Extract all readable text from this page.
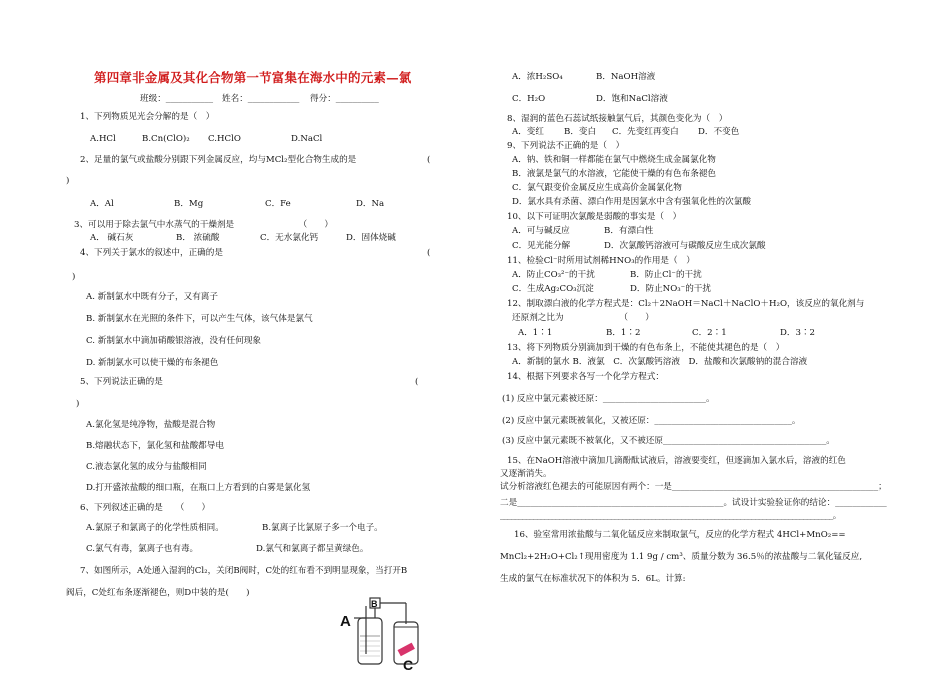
第四章非金属及其化合物第一节富集在海水中的元素—氯
班级：___________ 姓名：____________ 得分：__________
1、下列物质见光会分解的是（　）
A.HCl	B.Cn(ClO)₂ C.HClO	D.NaCl
2、足量的氯气或盐酸分别跟下列金属反应，均与MCl₂型化合物生成的是	(
)
A．Al	B．Mg	C．Fe	D．Na
3、可以用于除去氯气中水蒸气的干燥剂是　　　　　　　　（　　）
A． 碱石灰	B． 浓硫酸	C．无水氯化钙	D．固体烧碱
4、下列关于氯水的叙述中，正确的是	(
)
A. 新制氯水中既有分子，又有离子
B. 新制氯水在光照的条件下，可以产生气体，该气体是氯气
C. 新制氯水中滴加硝酸银溶液，没有任何现象
D. 新制氯水可以使干燥的布条褪色
5、下列说法正确的是	(
)
A.氯化氢是纯净物，盐酸是混合物
B.熔融状态下，氯化氢和盐酸都导电
C.液态氯化氢的成分与盐酸相同
D.打开盛浓盐酸的细口瓶，在瓶口上方看到的白雾是氯化氢
6、下列叙述正确的是　　（　　）
A.氯原子和氯离子的化学性质相同。	B.氯离子比氯原子多一个电子。
C.氯气有毒，氯离子也有毒。	D.氯气和氯离子都呈黄绿色。
7、如图所示，A处通入湿润的Cl₂，关闭B阀时，C处的红布看不到明显现象，当打开B
阀后，C处红布条逐渐褪色，则D中装的是(　　)
A
B
C
A．浓H₂SO₄	B．NaOH溶液
C．H₂O	D．饱和NaCl溶液
8、湿润的蓝色石蕊试纸接触氯气后，其颜色变化为（　）
A．变红 B．变白 C．先变红再变白 D．不变色
9、下列说法不正确的是（　）
A．钠、铁和铜一样都能在氯气中燃烧生成金属氯化物
B．液氯是氯气的水溶液，它能使干燥的有色布条褪色
C．氯气跟变价金属反应生成高价金属氯化物
D．氯水具有杀菌、漂白作用是因氯水中含有强氧化性的次氯酸
10、以下可证明次氯酸是弱酸的事实是（　）
A．可与碱反应	B．有漂白性
C．见光能分解	D．次氯酸钙溶液可与碳酸反应生成次氯酸
11、检验Cl⁻时所用试剂稀HNO₃的作用是（　）
A．防止CO₃²⁻的干扰	B．防止Cl⁻的干扰
C．生成Ag₂CO₃沉淀	D．防止NO₃⁻的干扰
12、制取漂白液的化学方程式是：Cl₂＋2NaOH＝NaCl＋NaClO＋H₂O，该反应的氧化剂与
还原剂之比为　　　　　　　（　　）
A．1∶1	B．1∶2	C．2∶1	D．3∶2
13、将下列物质分别滴加到干燥的有色布条上，不能使其褪色的是（　）
A．新制的氯水 B．液氯　C．次氯酸钙溶液　D．盐酸和次氯酸钠的混合溶液
14、根据下列要求各写一个化学方程式：
(1) 反应中氯元素被还原：________________________。
(2) 反应中氯元素既被氧化，又被还原：________________________________。
(3) 反应中氯元素既不被氧化，又不被还原______________________________________。
15、在NaOH溶液中滴加几滴酚酞试液后，溶液要变红，但逐滴加入氯水后，溶液的红色
又逐渐消失。
试分析溶液红色褪去的可能原因有两个：一是________________________________________________；
二是________________________________________________。试设计实验验证你的结论：____________
__________________________________________________________________________________________。
16、验室常用浓盐酸与二氧化锰反应来制取氯气，反应的化学方程式 4HCl+MnO₂==
MnCl₂+2H₂O+Cl₂↑现用密度为 1.1 9g / cm³、质量分数为 36.5％的浓盐酸与二氧化锰反应,
生成的氯气在标准状况下的体积为 5．6L。计算:
